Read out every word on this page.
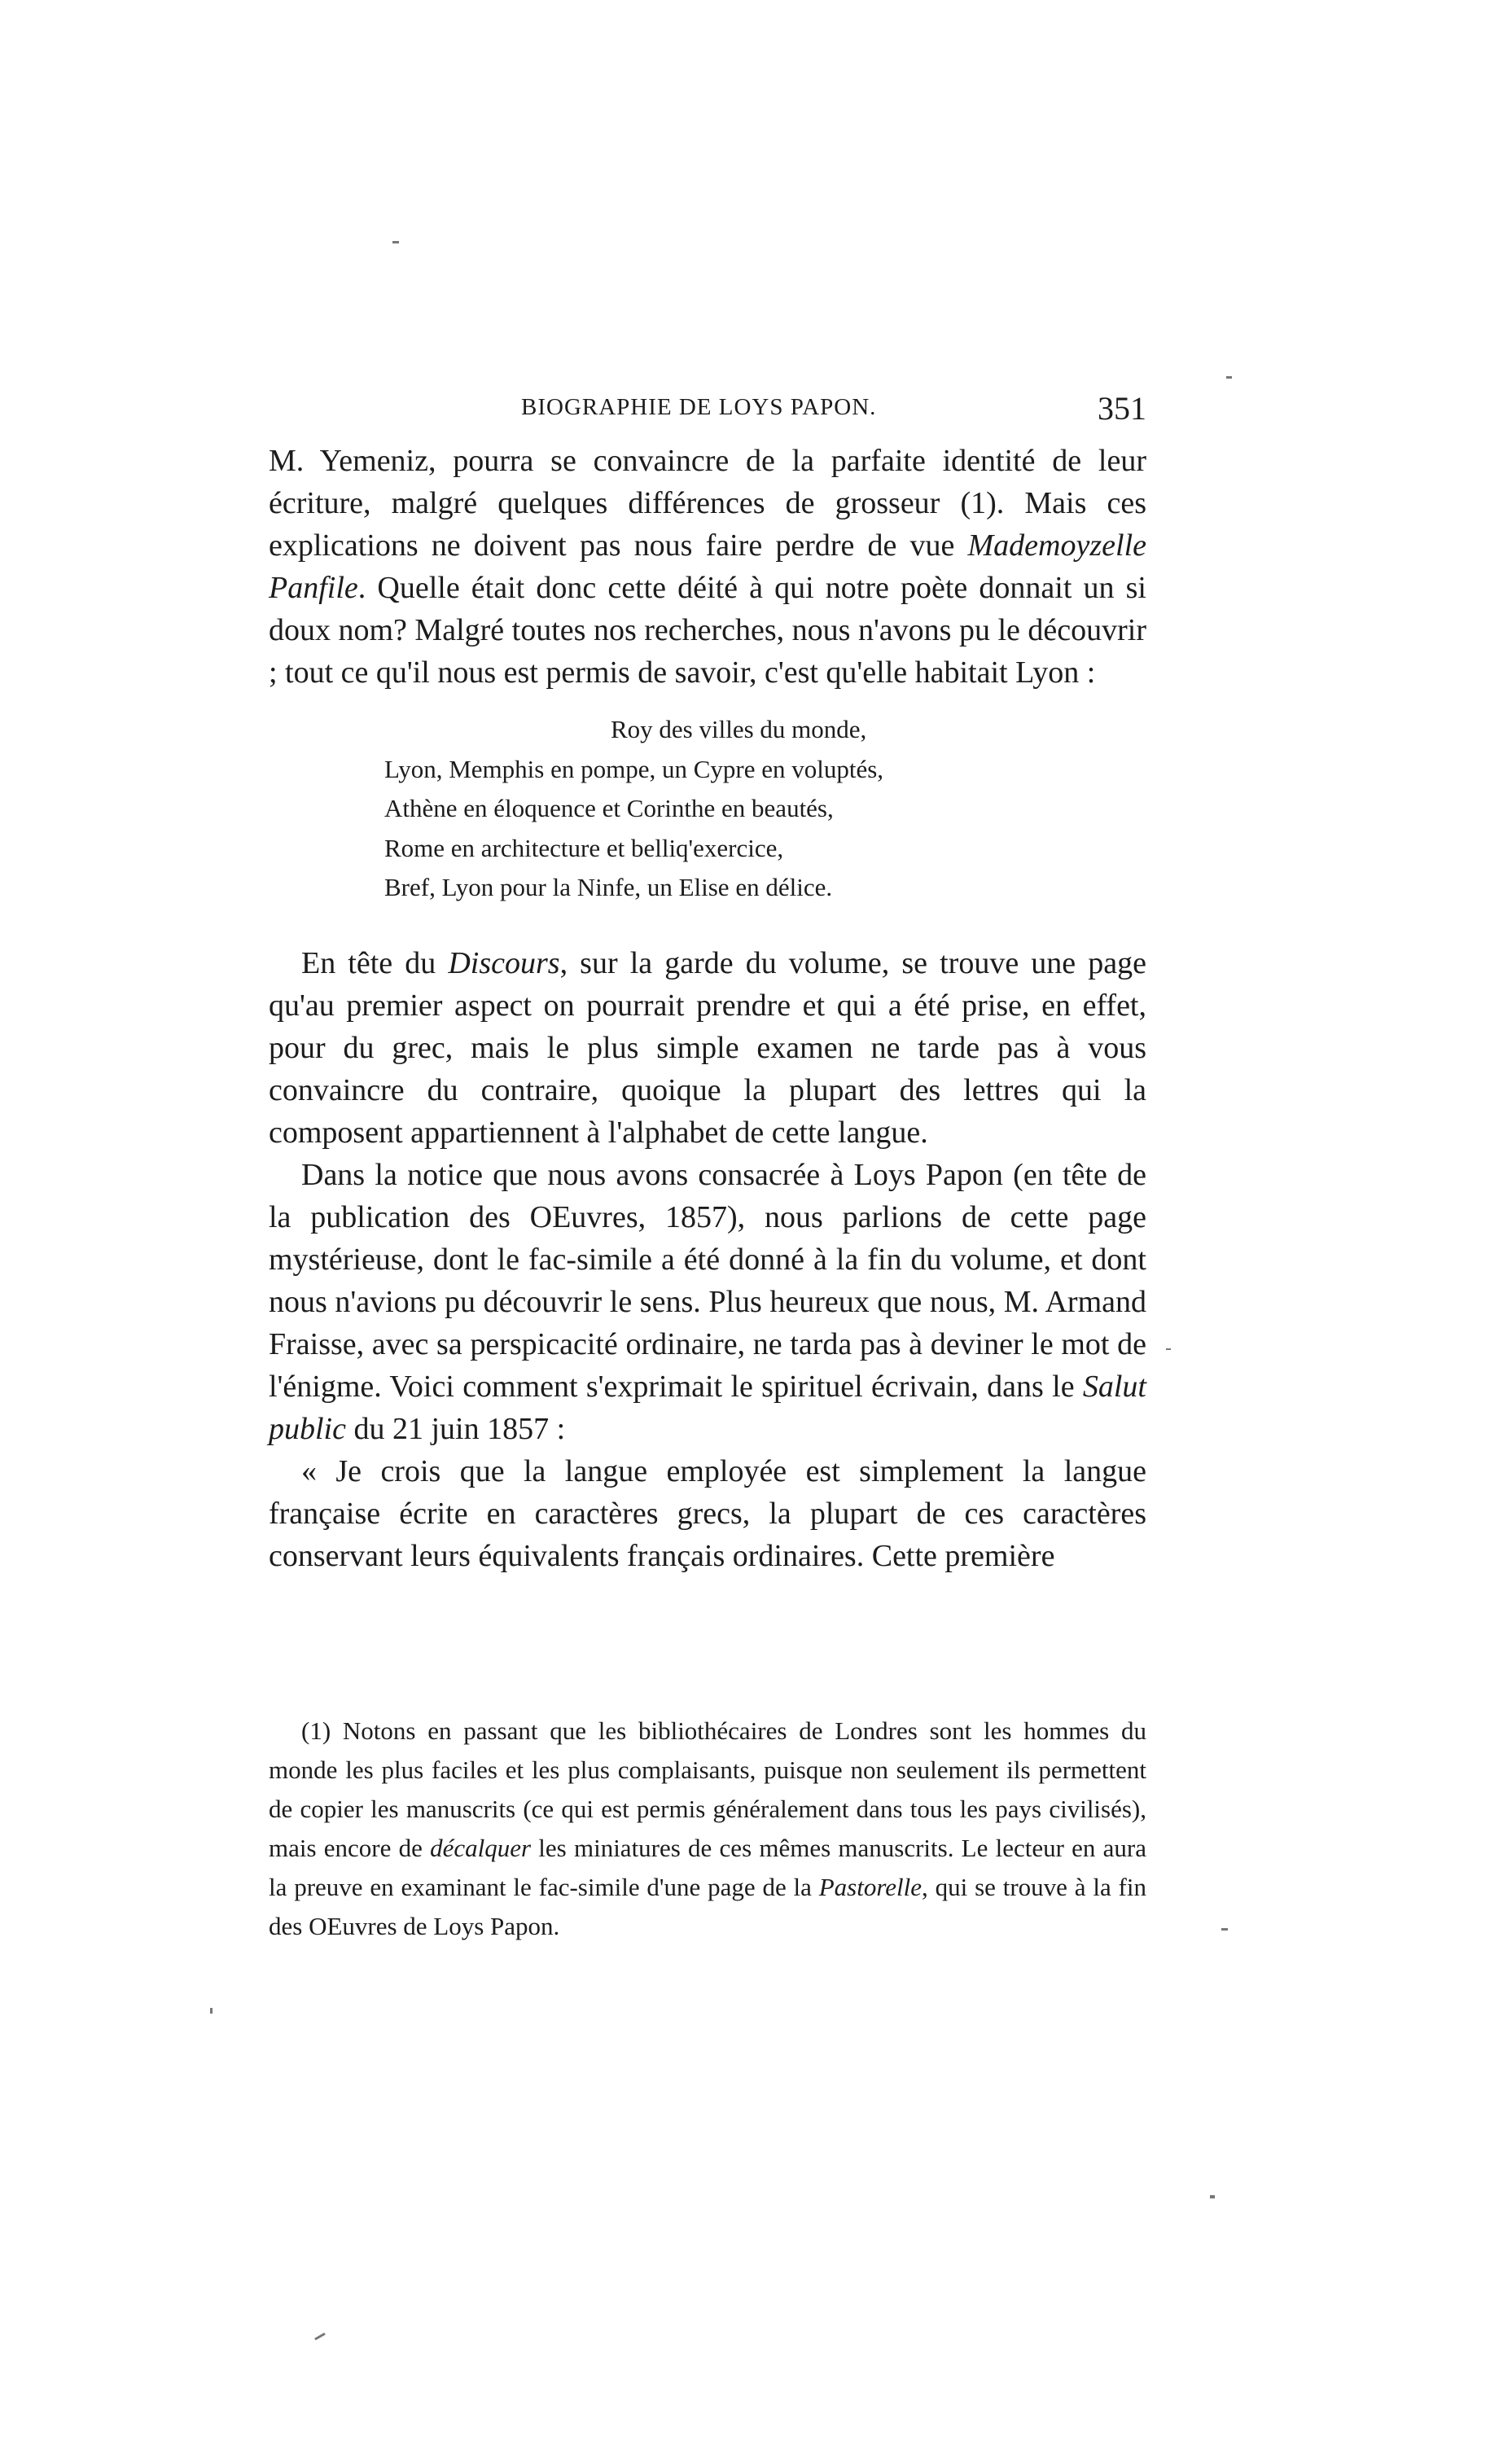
BIOGRAPHIE DE LOYS PAPON.	351

M. Yemeniz, pourra se convaincre de la parfaite identité de leur écriture, malgré quelques différences de grosseur (1). Mais ces explications ne doivent pas nous faire perdre de vue Mademoyzelle Panfile. Quelle était donc cette déité à qui notre poète donnait un si doux nom? Malgré toutes nos recherches, nous n'avons pu le découvrir ; tout ce qu'il nous est permis de savoir, c'est qu'elle habitait Lyon :

Roy des villes du monde,
Lyon, Memphis en pompe, un Cypre en voluptés,
Athène en éloquence et Corinthe en beautés,
Rome en architecture et belliq'exercice,
Bref, Lyon pour la Ninfe, un Elise en délice.

En tête du Discours, sur la garde du volume, se trouve une page qu'au premier aspect on pourrait prendre et qui a été prise, en effet, pour du grec, mais le plus simple examen ne tarde pas à vous convaincre du contraire, quoique la plupart des lettres qui la composent appartiennent à l'alphabet de cette langue.

Dans la notice que nous avons consacrée à Loys Papon (en tête de la publication des OEuvres, 1857), nous parlions de cette page mystérieuse, dont le fac-simile a été donné à la fin du volume, et dont nous n'avions pu découvrir le sens. Plus heureux que nous, M. Armand Fraisse, avec sa perspicacité ordinaire, ne tarda pas à deviner le mot de l'énigme. Voici comment s'exprimait le spirituel écrivain, dans le Salut public du 21 juin 1857 :

« Je crois que la langue employée est simplement la langue française écrite en caractères grecs, la plupart de ces caractères conservant leurs équivalents français ordinaires. Cette première

(1) Notons en passant que les bibliothécaires de Londres sont les hommes du monde les plus faciles et les plus complaisants, puisque non seulement ils permettent de copier les manuscrits (ce qui est permis généralement dans tous les pays civilisés), mais encore de décalquer les miniatures de ces mêmes manuscrits. Le lecteur en aura la preuve en examinant le fac-simile d'une page de la Pastorelle, qui se trouve à la fin des OEuvres de Loys Papon.
